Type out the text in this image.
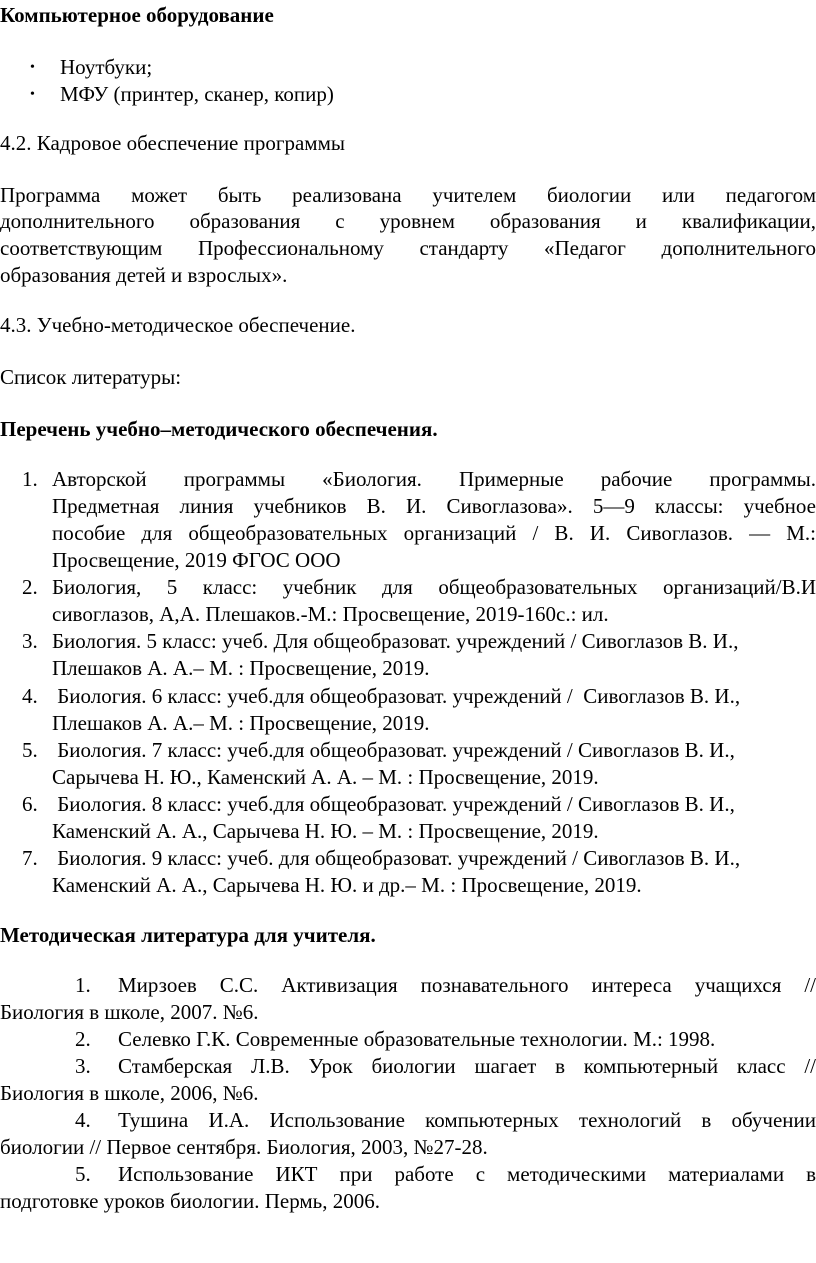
Компьютерное оборудование
• Ноутбуки;
• МФУ (принтер, сканер, копир)
4.2. Кадровое обеспечение программы
Программа может быть реализована учителем биологии или педагогом
дополнительного образования с уровнем образования и квалификации,
соответствующим Профессиональному стандарту «Педагог дополнительного
образования детей и взрослых».
4.3. Учебно-методическое обеспечение.
Список литературы:
Перечень учебно–методического обеспечения.
1. Авторской программы «Биология. Примерные рабочие программы.
Предметная линия учебников В. И. Сивоглазова». 5—9 классы: учебное
пособие для общеобразовательных организаций / В. И. Сивоглазов. — М.:
Просвещение, 2019 ФГОС ООО
2. Биология, 5 класс: учебник для общеобразовательных организаций/В.И
сивоглазов, А,А. Плешаков.-М.: Просвещение, 2019-160с.: ил.
3. Биология. 5 класс: учеб. Для общеобразоват. учреждений / Сивоглазов В. И.,
Плешаков А. А.– М. : Просвещение, 2019.
4. Биология. 6 класс: учеб.для общеобразоват. учреждений /  Сивоглазов В. И.,
Плешаков А. А.– М. : Просвещение, 2019.
5. Биология. 7 класс: учеб.для общеобразоват. учреждений / Сивоглазов В. И.,
Сарычева Н. Ю., Каменский А. А. – М. : Просвещение, 2019.
6. Биология. 8 класс: учеб.для общеобразоват. учреждений / Сивоглазов В. И.,
Каменский А. А., Сарычева Н. Ю. – М. : Просвещение, 2019.
7. Биология. 9 класс: учеб. для общеобразоват. учреждений / Сивоглазов В. И.,
Каменский А. А., Сарычева Н. Ю. и др.– М. : Просвещение, 2019.
Методическая литература для учителя.
1. Мирзоев С.С. Активизация познавательного интереса учащихся //
Биология в школе, 2007. №6.
2. Селевко Г.К. Современные образовательные технологии. М.: 1998.
3. Стамберская Л.В. Урок биологии шагает в компьютерный класс //
Биология в школе, 2006, №6.
4. Тушина И.А. Использование компьютерных технологий в обучении
биологии // Первое сентября. Биология, 2003, №27-28.
5. Использование ИКТ при работе с методическими материалами в
подготовке уроков биологии. Пермь, 2006.
